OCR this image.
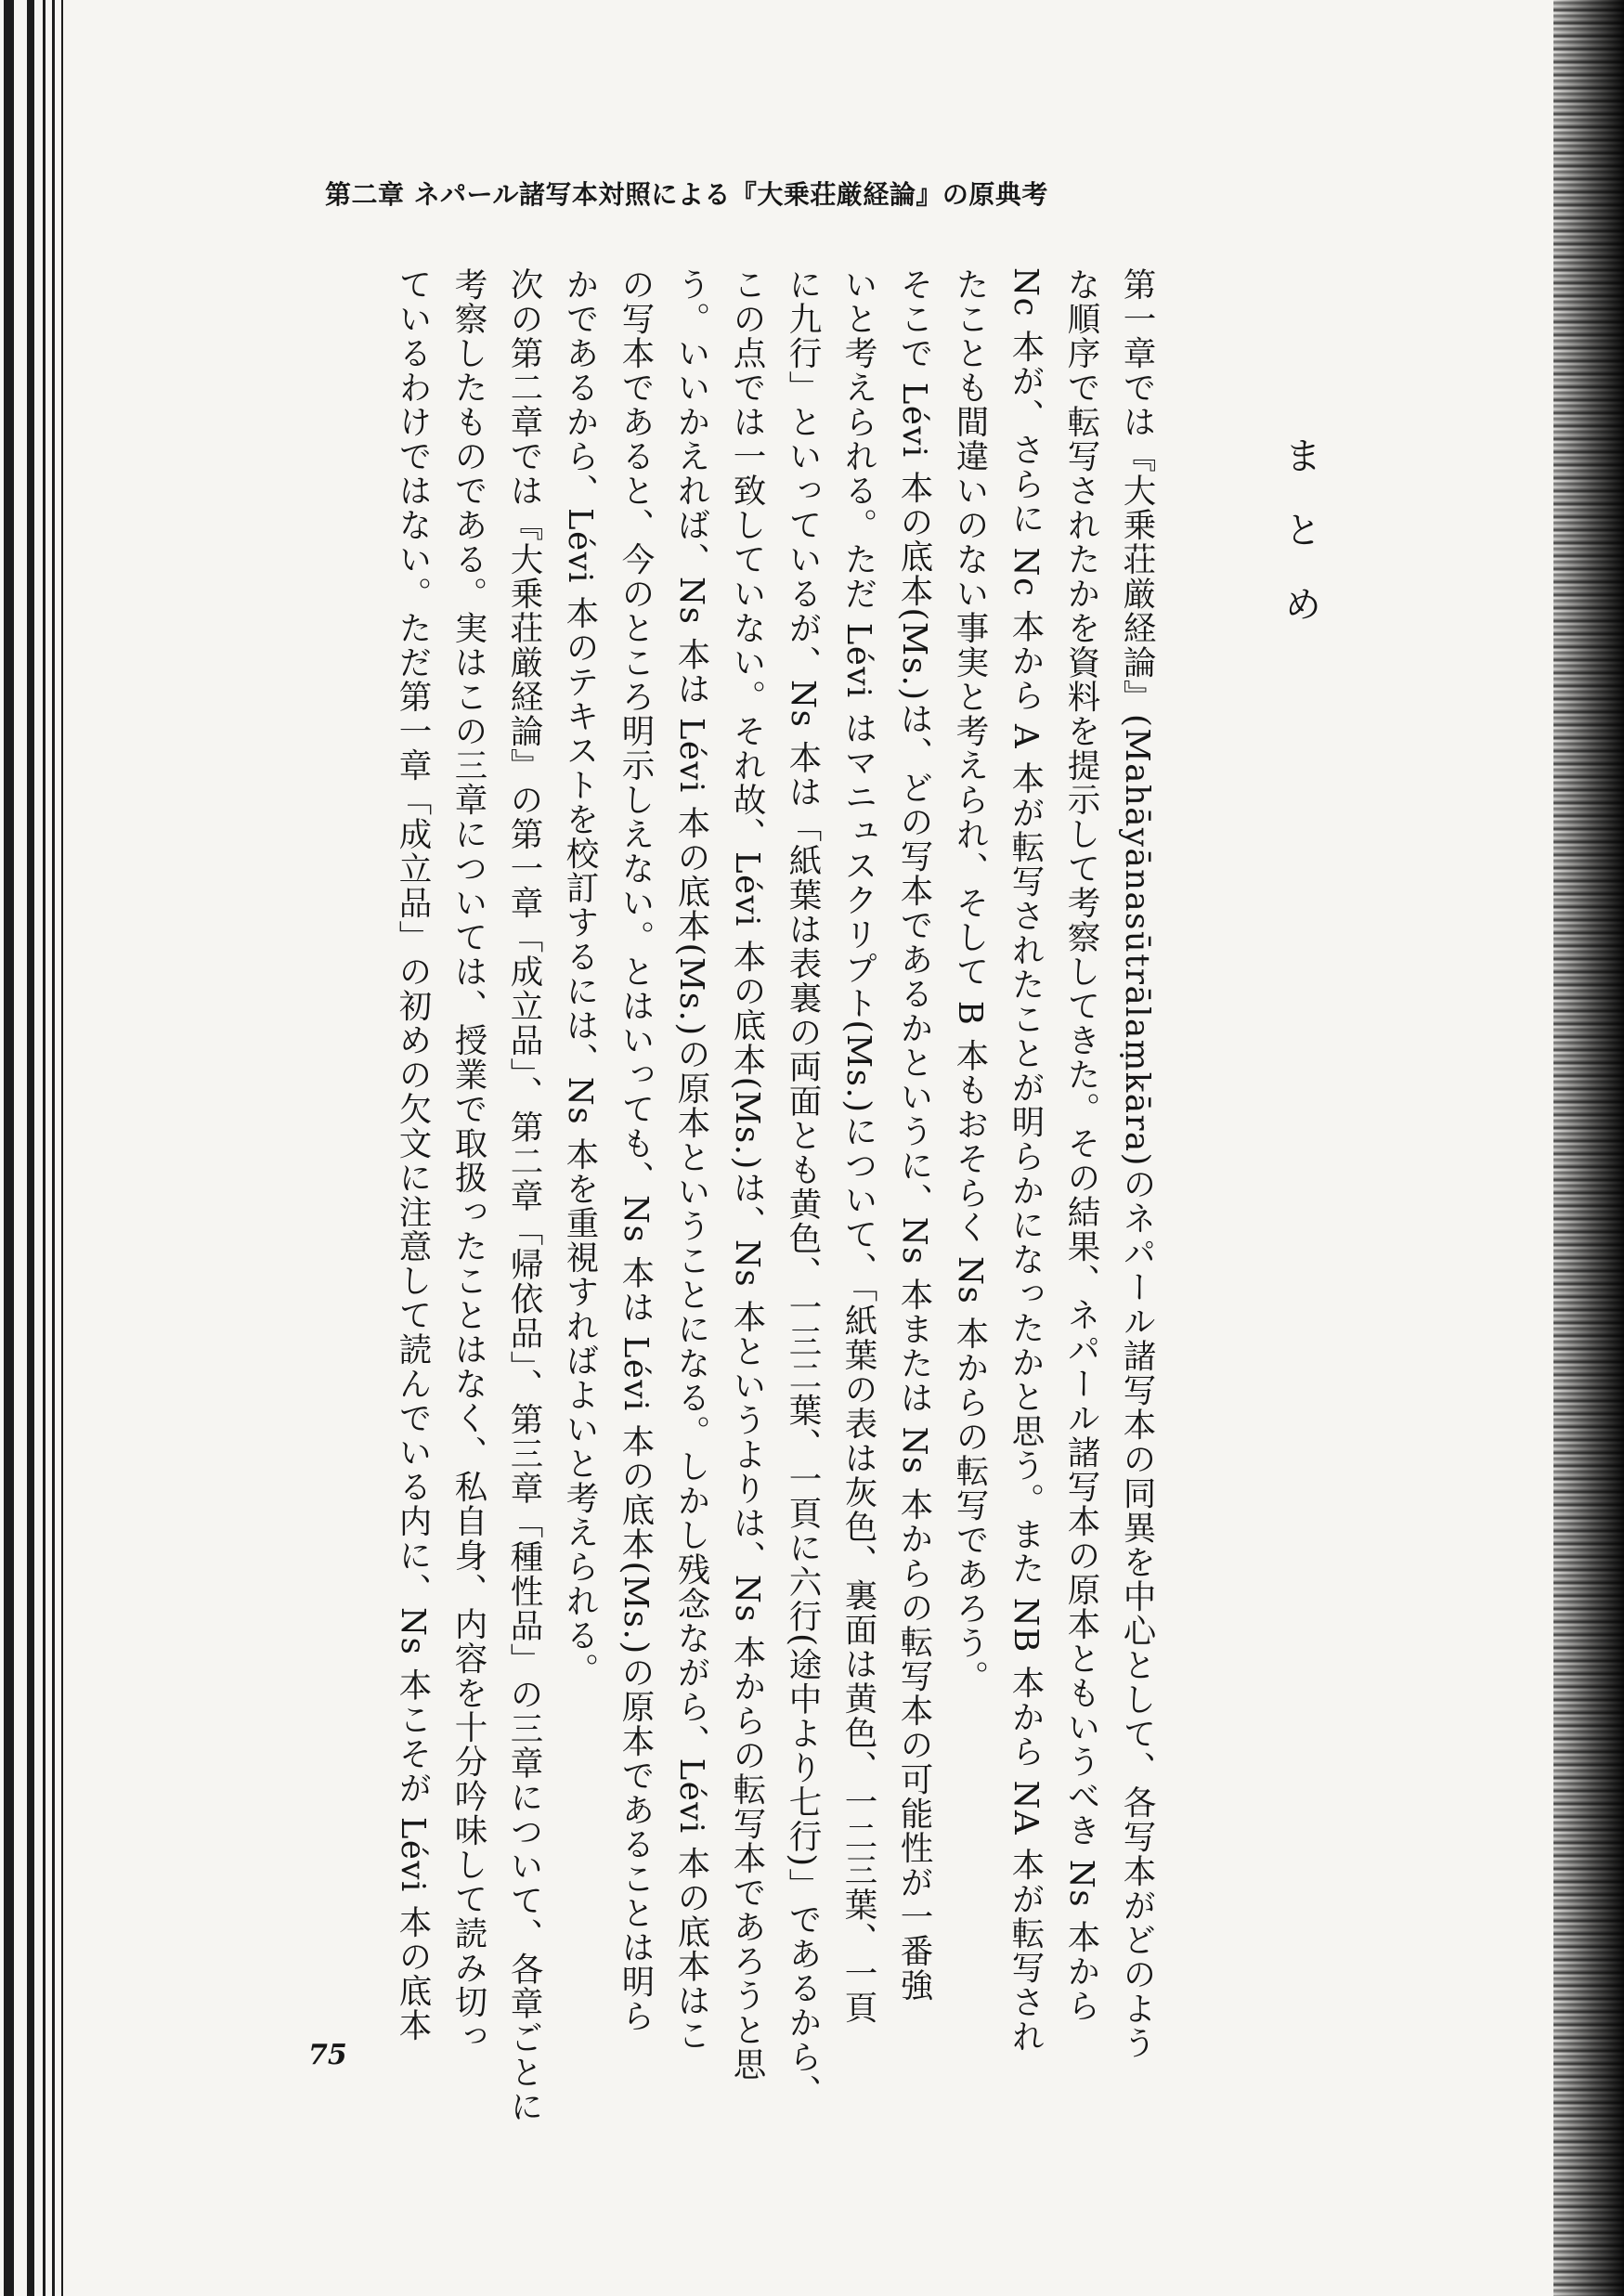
第二章 ネパール諸写本対照による『大乗荘厳経論』の原典考
まとめ
第一章では『大乗荘厳経論』(Mahāyānasūtrālaṃkāra)のネパール諸写本の同異を中心として、各写本がどのよう
な順序で転写されたかを資料を提示して考察してきた。その結果、ネパール諸写本の原本ともいうべき Ns 本から
Nc 本が、さらに Nc 本から A 本が転写されたことが明らかになったかと思う。また NB 本から NA 本が転写され
たことも間違いのない事実と考えられ、そして B 本もおそらく Ns 本からの転写であろう。
そこで Lévi 本の底本(Ms.)は、どの写本であるかというに、Ns 本または Ns 本からの転写本の可能性が一番強
いと考えられる。ただ Lévi はマニュスクリプト(Ms.)について、「紙葉の表は灰色、裏面は黄色、一二三葉、一頁
に九行」といっているが、Ns 本は「紙葉は表裏の両面とも黄色、一三二葉、一頁に六行(途中より七行)」であるから、
この点では一致していない。それ故、Lévi 本の底本(Ms.)は、Ns 本というよりは、Ns 本からの転写本であろうと思
う。いいかえれば、Ns 本は Lévi 本の底本(Ms.)の原本ということになる。しかし残念ながら、Lévi 本の底本はこ
の写本であると、今のところ明示しえない。とはいっても、Ns 本は Lévi 本の底本(Ms.)の原本であることは明ら
かであるから、Lévi 本のテキストを校訂するには、Ns 本を重視すればよいと考えられる。
次の第二章では『大乗荘厳経論』の第一章「成立品」、第二章「帰依品」、第三章「種性品」の三章について、各章ごとに
考察したものである。実はこの三章については、授業で取扱ったことはなく、私自身、内容を十分吟味して読み切っ
ているわけではない。ただ第一章「成立品」の初めの欠文に注意して読んでいる内に、Ns 本こそが Lévi 本の底本
75
